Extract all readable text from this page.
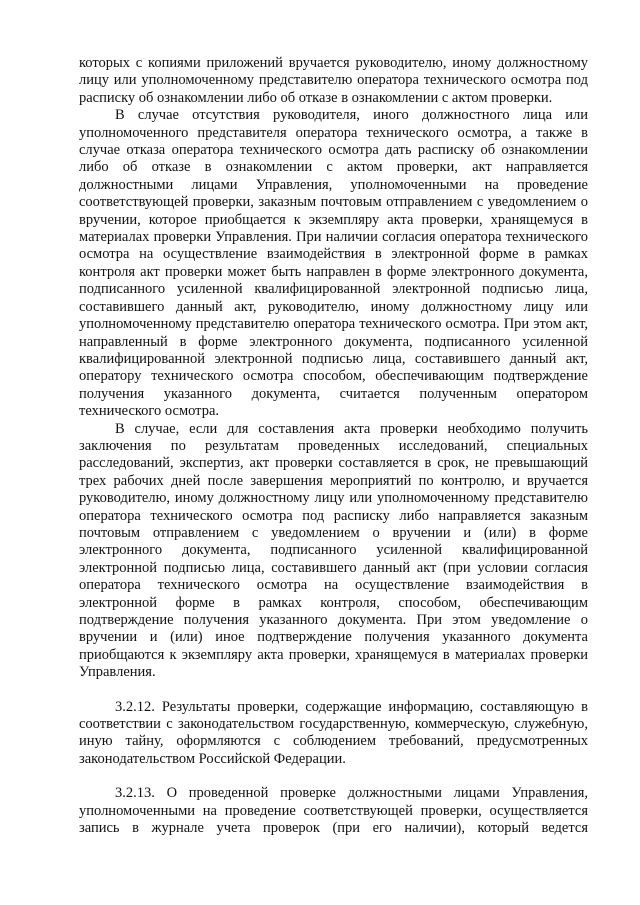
которых с копиями приложений вручается руководителю, иному должностному лицу или уполномоченному представителю оператора технического осмотра под расписку об ознакомлении либо об отказе в ознакомлении с актом проверки.

В случае отсутствия руководителя, иного должностного лица или уполномоченного представителя оператора технического осмотра, а также в случае отказа оператора технического осмотра дать расписку об ознакомлении либо об отказе в ознакомлении с актом проверки, акт направляется должностными лицами Управления, уполномоченными на проведение соответствующей проверки, заказным почтовым отправлением с уведомлением о вручении, которое приобщается к экземпляру акта проверки, хранящемуся в материалах проверки Управления. При наличии согласия оператора технического осмотра на осуществление взаимодействия в электронной форме в рамках контроля акт проверки может быть направлен в форме электронного документа, подписанного усиленной квалифицированной электронной подписью лица, составившего данный акт, руководителю, иному должностному лицу или уполномоченному представителю оператора технического осмотра. При этом акт, направленный в форме электронного документа, подписанного усиленной квалифицированной электронной подписью лица, составившего данный акт, оператору технического осмотра способом, обеспечивающим подтверждение получения указанного документа, считается полученным оператором технического осмотра.

В случае, если для составления акта проверки необходимо получить заключения по результатам проведенных исследований, специальных расследований, экспертиз, акт проверки составляется в срок, не превышающий трех рабочих дней после завершения мероприятий по контролю, и вручается руководителю, иному должностному лицу или уполномоченному представителю оператора технического осмотра под расписку либо направляется заказным почтовым отправлением с уведомлением о вручении и (или) в форме электронного документа, подписанного усиленной квалифицированной электронной подписью лица, составившего данный акт (при условии согласия оператора технического осмотра на осуществление взаимодействия в электронной форме в рамках контроля, способом, обеспечивающим подтверждение получения указанного документа. При этом уведомление о вручении и (или) иное подтверждение получения указанного документа приобщаются к экземпляру акта проверки, хранящемуся в материалах проверки Управления.

3.2.12. Результаты проверки, содержащие информацию, составляющую в соответствии с законодательством государственную, коммерческую, служебную, иную тайну, оформляются с соблюдением требований, предусмотренных законодательством Российской Федерации.

3.2.13. О проведенной проверке должностными лицами Управления, уполномоченными на проведение соответствующей проверки, осуществляется запись в журнале учета проверок (при его наличии), который ведется
